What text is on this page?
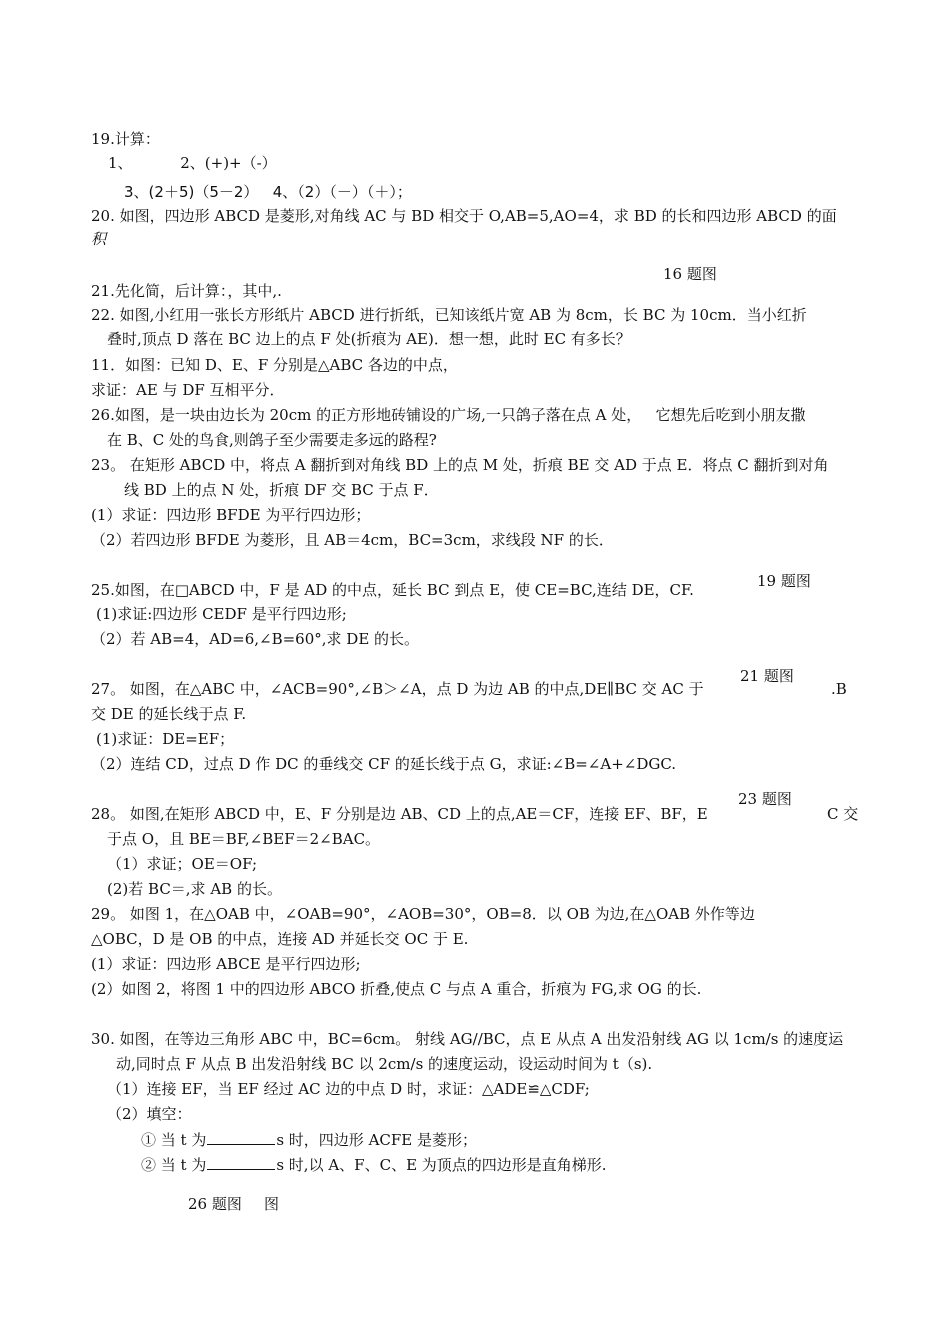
19.计算：
1、          2、(+)+（-）
3、(2＋5)（5－2）   4、（2）（－）（＋）；
20. 如图，四边形 ABCD 是菱形,对角线 AC 与 BD 相交于 O,AB=5,AO=4，求 BD 的长和四边形 ABCD 的面
积
16 题图
21.先化简，后计算：，其中,.
22. 如图,小红用一张长方形纸片 ABCD 进行折纸，已知该纸片宽 AB 为 8cm，长 BC 为 10cm．当小红折
叠时,顶点 D 落在 BC 边上的点 F 处(折痕为 AE)．想一想，此时 EC 有多长？
11．如图：已知 D、E、F 分别是△ABC 各边的中点，
求证：AE 与 DF 互相平分．
26.如图，是一块由边长为 20cm 的正方形地砖铺设的广场,一只鸽子落在点 A 处，   它想先后吃到小朋友撒
在 B、C 处的鸟食,则鸽子至少需要走多远的路程?
23。 在矩形 ABCD 中，将点 A 翻折到对角线 BD 上的点 M 处，折痕 BE 交 AD 于点 E．将点 C 翻折到对角
线 BD 上的点 N 处，折痕 DF 交 BC 于点 F．
(1）求证：四边形 BFDE 为平行四边形；
（2）若四边形 BFDE 为菱形，且 AB＝4cm，BC=3cm，求线段 NF 的长．
25.如图，在□ABCD 中，F 是 AD 的中点，延长 BC 到点 E，使 CE=BC,连结 DE，CF.	19 题图
(1)求证:四边形 CEDF 是平行四边形;
（2）若 AB=4，AD=6,∠B=60°,求 DE 的长。
27。 如图，在△ABC 中，∠ACB=90°,∠B＞∠A，点 D 为边 AB 的中点,DE∥BC 交 AC 于
21 题图
.B
交 DE 的延长线于点 F.
(1)求证：DE=EF；
（2）连结 CD，过点 D 作 DC 的垂线交 CF 的延长线于点 G，求证:∠B=∠A+∠DGC.
28。 如图,在矩形 ABCD 中，E、F 分别是边 AB、CD 上的点,AE＝CF，连接 EF、BF，E
23 题图
C 交
于点 O，且 BE＝BF,∠BEF＝2∠BAC。
（1）求证；OE＝OF;
(2)若 BC＝,求 AB 的长。
29。 如图 1，在△OAB 中，∠OAB=90°，∠AOB=30°，OB=8．以 OB 为边,在△OAB 外作等边
△OBC，D 是 OB 的中点，连接 AD 并延长交 OC 于 E.
(1）求证：四边形 ABCE 是平行四边形;
(2）如图 2，将图 1 中的四边形 ABCO 折叠,使点 C 与点 A 重合，折痕为 FG,求 OG 的长.
30. 如图，在等边三角形 ABC 中，BC=6cm。 射线 AG//BC，点 E 从点 A 出发沿射线 AG 以 1cm/s 的速度运
动,同时点 F 从点 B 出发沿射线 BC 以 2cm/s 的速度运动，设运动时间为 t（s).
（1）连接 EF，当 EF 经过 AC 边的中点 D 时，求证：△ADE≌△CDF;
（2）填空：
① 当 t 为	s 时，四边形 ACFE 是菱形；
② 当 t 为	s 时,以 A、F、C、E 为顶点的四边形是直角梯形.
26 题图 图
